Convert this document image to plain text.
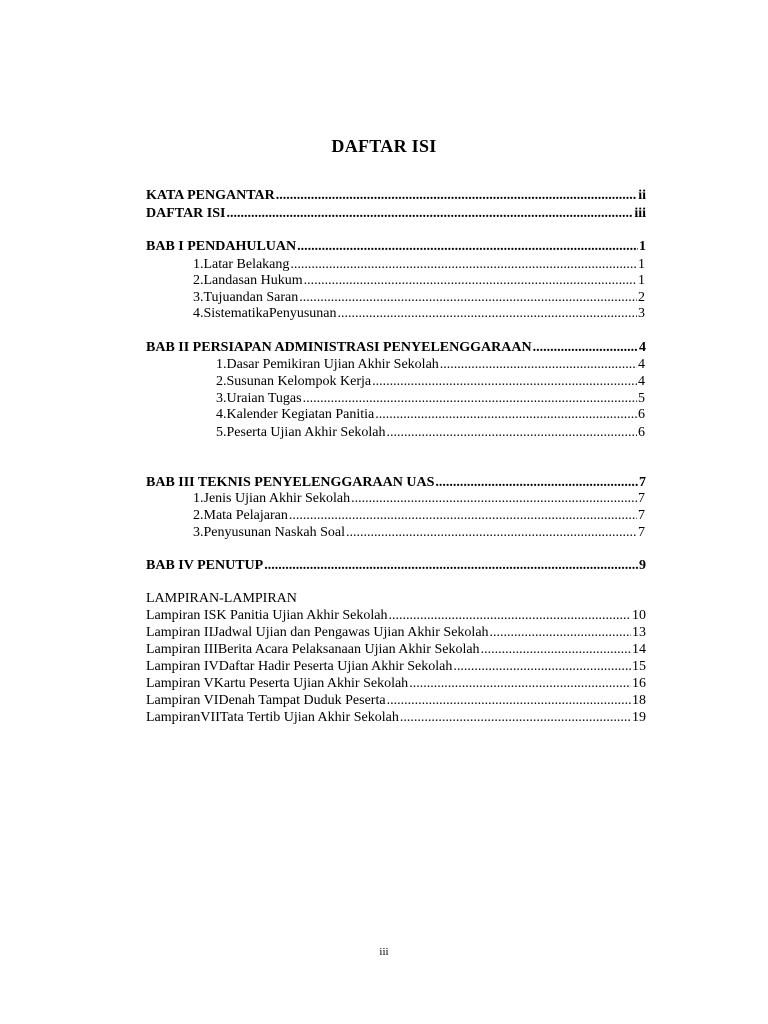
DAFTAR ISI
KATA PENGANTAR .....	ii
DAFTAR ISI .....	iii
BAB I PENDAHULUAN .....	1
1. Latar Belakang .....	1
2. Landasan Hukum .....	1
3. Tujuandan Saran .....	2
4. SistematikaPenyusunan .....	3
BAB II PERSIAPAN ADMINISTRASI PENYELENGGARAAN .....	4
1. Dasar Pemikiran Ujian Akhir Sekolah .....	4
2. Susunan Kelompok Kerja .....	4
3. Uraian Tugas .....	5
4. Kalender Kegiatan Panitia .....	6
5. Peserta Ujian Akhir Sekolah .....	6
BAB III TEKNIS PENYELENGGARAAN UAS .....	7
1. Jenis Ujian Akhir Sekolah .....	7
2. Mata Pelajaran .....	7
3. Penyusunan Naskah Soal .....	7
BAB IV PENUTUP .....	9
LAMPIRAN-LAMPIRAN
Lampiran I SK Panitia Ujian Akhir Sekolah .....	10
Lampiran II Jadwal Ujian dan Pengawas Ujian Akhir Sekolah .....	13
Lampiran III Berita Acara Pelaksanaan Ujian Akhir Sekolah .....	14
Lampiran IV Daftar Hadir Peserta Ujian Akhir Sekolah .....	15
Lampiran V Kartu Peserta Ujian Akhir Sekolah .....	16
Lampiran VI Denah Tampat Duduk Peserta .....	18
LampiranVII Tata Tertib Ujian Akhir Sekolah .....	19
iii
